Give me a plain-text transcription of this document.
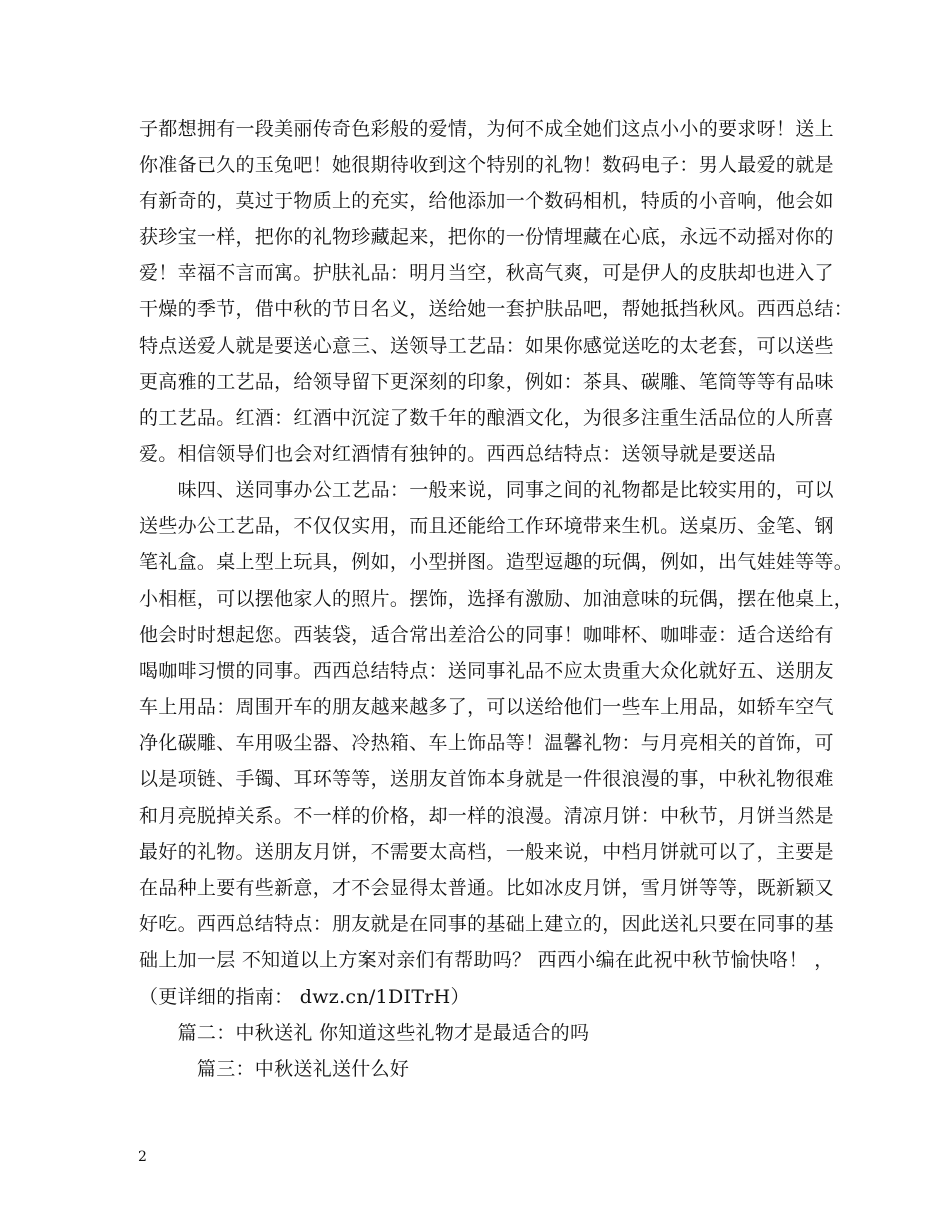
子都想拥有一段美丽传奇色彩般的爱情，为何不成全她们这点小小的要求呀！送上
你准备已久的玉兔吧！她很期待收到这个特别的礼物！数码电子：男人最爱的就是
有新奇的，莫过于物质上的充实，给他添加一个数码相机，特质的小音响，他会如
获珍宝一样，把你的礼物珍藏起来，把你的一份情埋藏在心底，永远不动摇对你的
爱！幸福不言而寓。护肤礼品：明月当空，秋高气爽，可是伊人的皮肤却也进入了
干燥的季节，借中秋的节日名义，送给她一套护肤品吧，帮她抵挡秋风。西西总结：
特点送爱人就是要送心意三、送领导工艺品：如果你感觉送吃的太老套，可以送些
更高雅的工艺品，给领导留下更深刻的印象，例如：茶具、碳雕、笔筒等等有品味
的工艺品。红酒：红酒中沉淀了数千年的酿酒文化，为很多注重生活品位的人所喜
爱。相信领导们也会对红酒情有独钟的。西西总结特点：送领导就是要送品
　　味四、送同事办公工艺品：一般来说，同事之间的礼物都是比较实用的，可以
送些办公工艺品，不仅仅实用，而且还能给工作环境带来生机。送桌历、金笔、钢
笔礼盒。桌上型上玩具，例如，小型拼图。造型逗趣的玩偶，例如，出气娃娃等等。
小相框，可以摆他家人的照片。摆饰，选择有激励、加油意味的玩偶，摆在他桌上，
他会时时想起您。西装袋，适合常出差洽公的同事！咖啡杯、咖啡壶：适合送给有
喝咖啡习惯的同事。西西总结特点：送同事礼品不应太贵重大众化就好五、送朋友
车上用品：周围开车的朋友越来越多了，可以送给他们一些车上用品，如轿车空气
净化碳雕、车用吸尘器、冷热箱、车上饰品等！温馨礼物：与月亮相关的首饰，可
以是项链、手镯、耳环等等，送朋友首饰本身就是一件很浪漫的事，中秋礼物很难
和月亮脱掉关系。不一样的价格，却一样的浪漫。清凉月饼：中秋节，月饼当然是
最好的礼物。送朋友月饼，不需要太高档，一般来说，中档月饼就可以了，主要是
在品种上要有些新意，才不会显得太普通。比如冰皮月饼，雪月饼等等，既新颖又
好吃。西西总结特点：朋友就是在同事的基础上建立的，因此送礼只要在同事的基
础上加一层 不知道以上方案对亲们有帮助吗？ 西西小编在此祝中秋节愉快咯！ ，
（更详细的指南： dwz.cn/1DITrH）
　　篇二：中秋送礼 你知道这些礼物才是最适合的吗
　　　篇三：中秋送礼送什么好
2
